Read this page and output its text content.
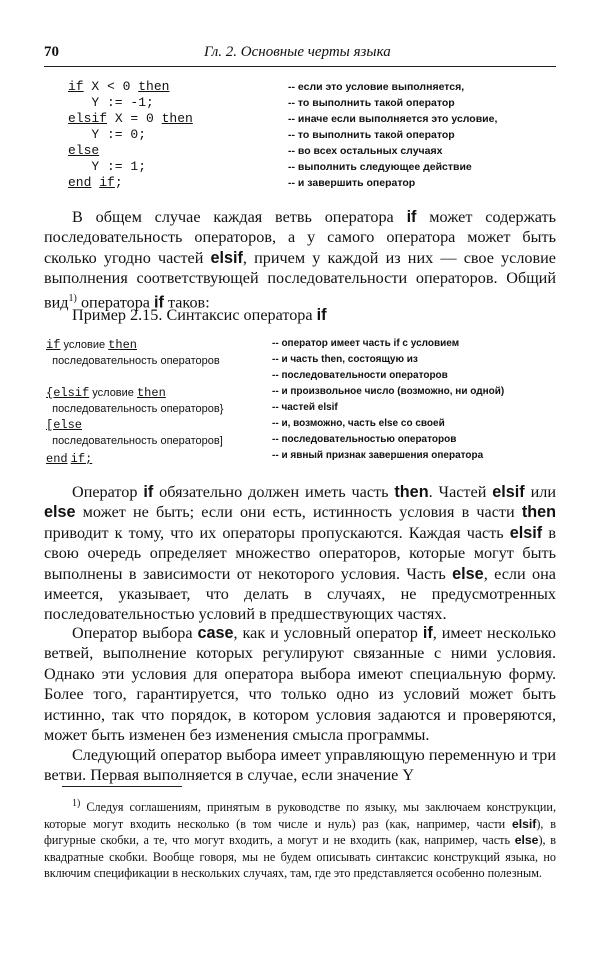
70	Гл. 2. Основные черты языка
if X < 0 then
Y := -1;
elsif X = 0 then
Y := 0;
else
Y := 1;
end if;
-- если это условие выполняется,
-- то выполнить такой оператор
-- иначе если выполняется это условие,
-- то выполнить такой оператор
-- во всех остальных случаях
-- выполнить следующее действие
-- и завершить оператор
В общем случае каждая ветвь оператора if может содержать последовательность операторов, а у самого оператора может быть сколько угодно частей elsif, причем у каждой из них — свое условие выполнения соответствующей последовательности операторов. Общий вид$^{1)}$ оператора if таков:
Пример 2.15. Синтаксис оператора if
if условие then
последовательность операторов
{elsif условие then
последовательность операторов}
[else
последовательность операторов]
end if;
-- оператор имеет часть if с условием
-- и часть then, состоящую из
-- последовательности операторов
-- и произвольное число (возможно, ни одной)
-- частей elsif
-- и, возможно, часть else со своей
-- последовательностью операторов
-- и явный признак завершения оператора
Оператор if обязательно должен иметь часть then. Частей elsif или else может не быть; если они есть, истинность условия в части then приводит к тому, что их операторы пропускаются. Каждая часть elsif в свою очередь определяет множество операторов, которые могут быть выполнены в зависимости от некоторого условия. Часть else, если она имеется, указывает, что делать в случаях, не предусмотренных последовательностью условий в предшествующих частях.
Оператор выбора case, как и условный оператор if, имеет несколько ветвей, выполнение которых регулируют связанные с ними условия. Однако эти условия для оператора выбора имеют специальную форму. Более того, гарантируется, что только одно из условий может быть истинно, так что порядок, в котором условия задаются и проверяются, может быть изменен без изменения смысла программы.
Следующий оператор выбора имеет управляющую переменную и три ветви. Первая выполняется в случае, если значение Y
$^{1)}$ Следуя соглашениям, принятым в руководстве по языку, мы заключаем конструкции, которые могут входить несколько (в том числе и нуль) раз (как, например, части elsif), в фигурные скобки, а те, что могут входить, а могут и не входить (как, например, часть else), в квадратные скобки. Вообще говоря, мы не будем описывать синтаксис конструкций языка, но включим спецификации в нескольких случаях, там, где это представляется особенно полезным.
